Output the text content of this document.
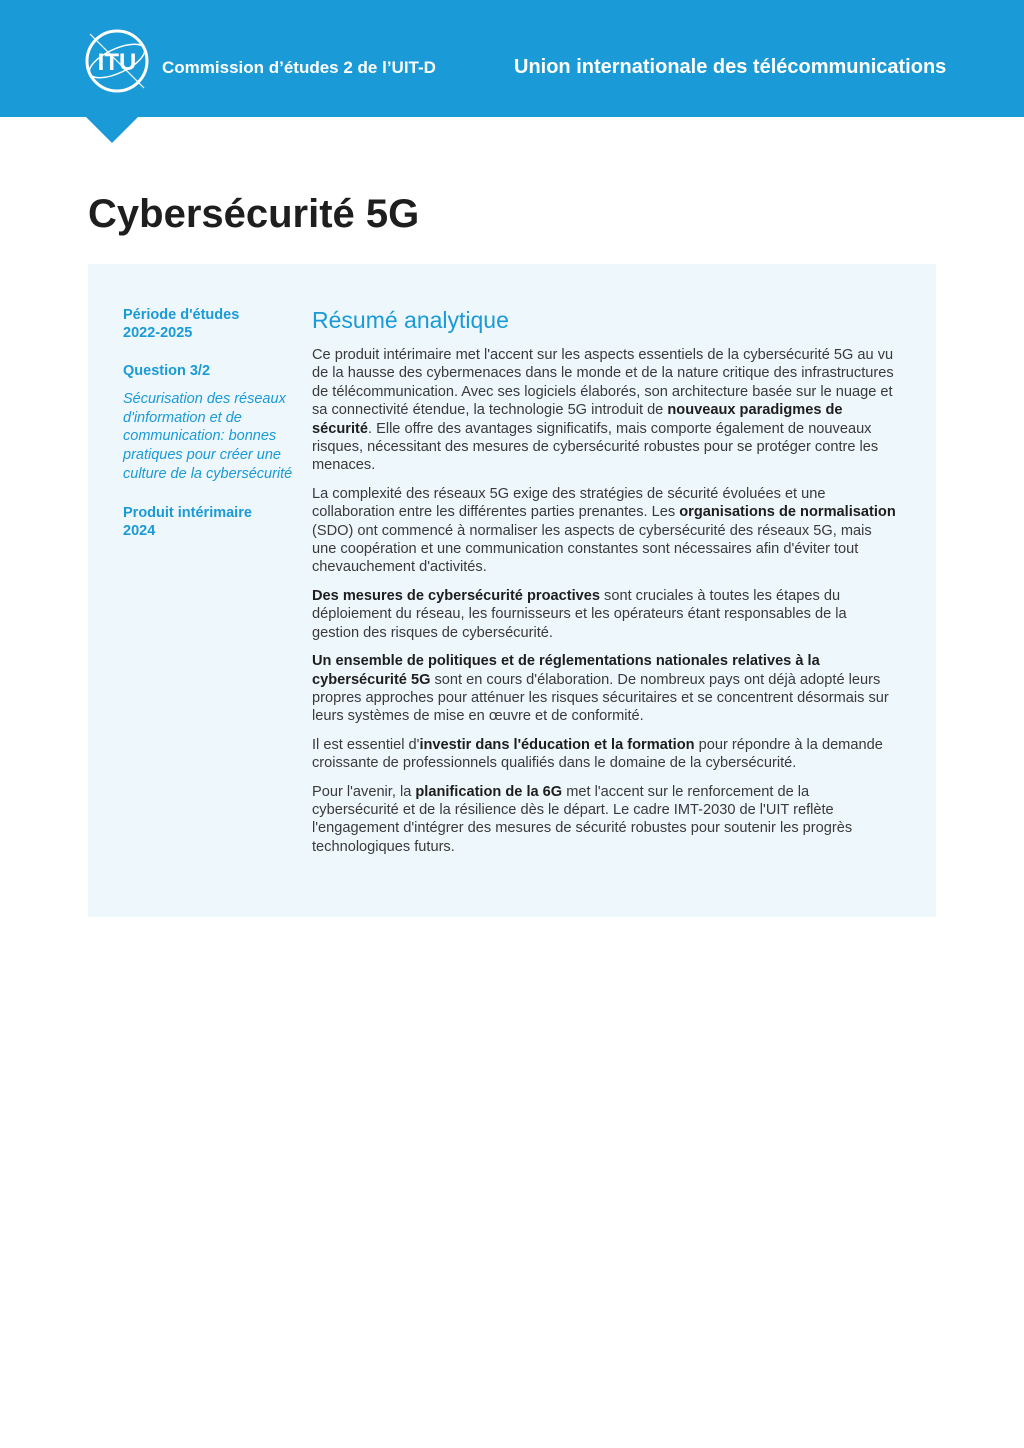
ITU Commission d’études 2 de l’UIT-D	Union internationale des télécommunications
Cybersécurité 5G

Période d'études

2022-2025

Question 3/2

Sécurisation des réseaux d'information et de communication: bonnes pratiques pour créer une culture de la cybersécurité

Produit intérimaire

2024

Résumé analytique

Ce produit intérimaire met l'accent sur les aspects essentiels de la cybersécurité 5G au vu de la hausse des cybermenaces dans le monde et de la nature critique des infrastructures de télécommunication. Avec ses logiciels élaborés, son architecture basée sur le nuage et sa connectivité étendue, la technologie 5G introduit de nouveaux paradigmes de sécurité. Elle offre des avantages significatifs, mais comporte également de nouveaux risques, nécessitant des mesures de cybersécurité robustes pour se protéger contre les menaces.

La complexité des réseaux 5G exige des stratégies de sécurité évoluées et une collaboration entre les différentes parties prenantes. Les organisations de normalisation (SDO) ont commencé à normaliser les aspects de cybersécurité des réseaux 5G, mais une coopération et une communication constantes sont nécessaires afin d'éviter tout chevauchement d'activités.

Des mesures de cybersécurité proactives sont cruciales à toutes les étapes du déploiement du réseau, les fournisseurs et les opérateurs étant responsables de la gestion des risques de cybersécurité.

Un ensemble de politiques et de réglementations nationales relatives à la cybersécurité 5G sont en cours d'élaboration. De nombreux pays ont déjà adopté leurs propres approches pour atténuer les risques sécuritaires et se concentrent désormais sur leurs systèmes de mise en œuvre et de conformité.

Il est essentiel d'investir dans l'éducation et la formation pour répondre à la demande croissante de professionnels qualifiés dans le domaine de la cybersécurité.

Pour l'avenir, la planification de la 6G met l'accent sur le renforcement de la cybersécurité et de la résilience dès le départ. Le cadre IMT-2030 de l'UIT reflète l'engagement d'intégrer des mesures de sécurité robustes pour soutenir les progrès technologiques futurs.
